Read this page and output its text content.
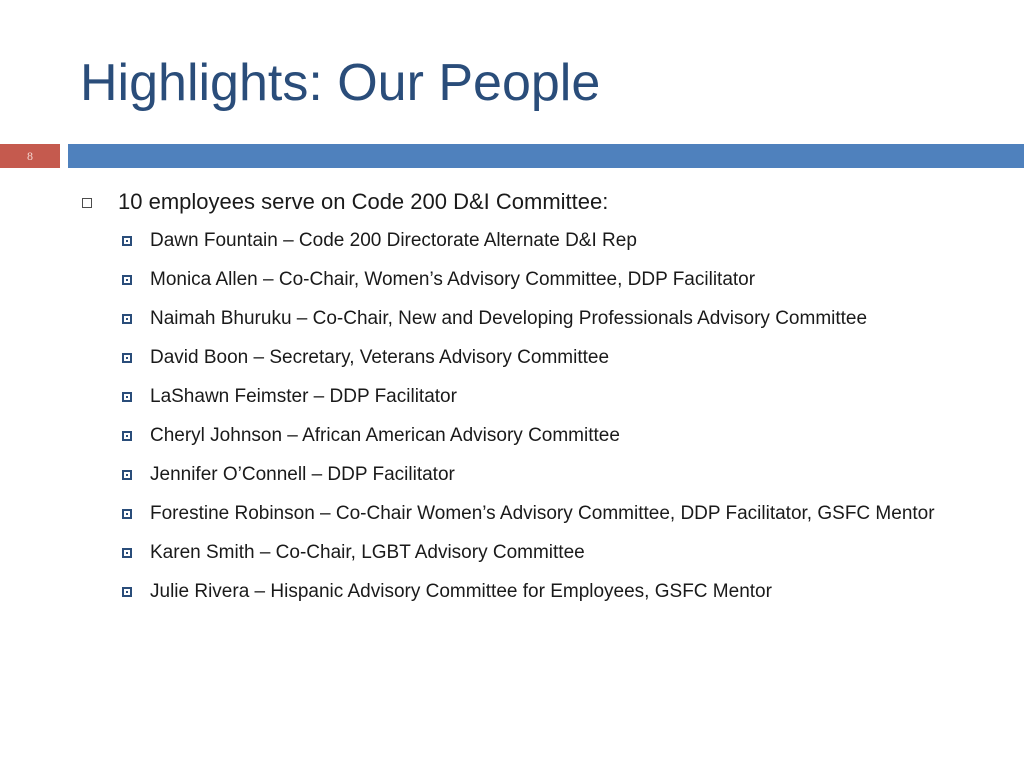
Highlights: Our People
8
10 employees serve on Code 200 D&I Committee:
Dawn Fountain – Code 200 Directorate Alternate D&I Rep
Monica Allen – Co-Chair, Women’s Advisory Committee, DDP Facilitator
Naimah Bhuruku – Co-Chair, New and Developing Professionals Advisory Committee
David Boon – Secretary, Veterans Advisory Committee
LaShawn Feimster – DDP Facilitator
Cheryl Johnson – African American Advisory Committee
Jennifer O’Connell – DDP Facilitator
Forestine Robinson – Co-Chair Women’s Advisory Committee, DDP Facilitator, GSFC Mentor
Karen Smith – Co-Chair, LGBT Advisory Committee
Julie Rivera – Hispanic Advisory Committee for Employees, GSFC Mentor
